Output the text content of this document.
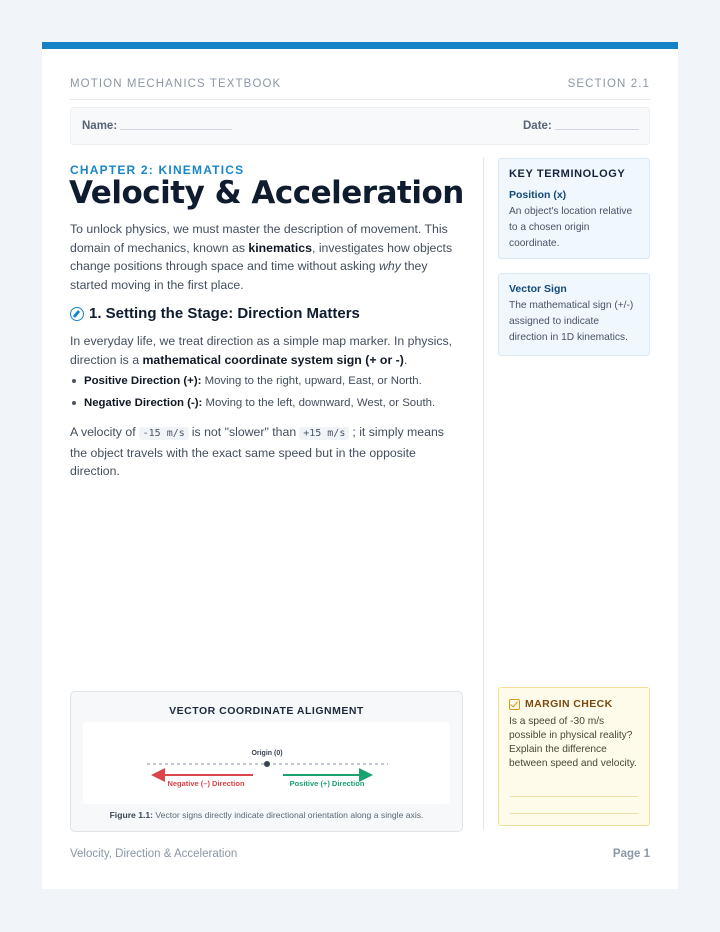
MOTION MECHANICS TEXTBOOK	SECTION 2.1
Name:	Date:
CHAPTER 2: KINEMATICS
Velocity & Acceleration

To unlock physics, we must master the description of movement. This domain of mechanics, known as kinematics, investigates how objects change positions through space and time without asking why they started moving in the first place.

1. Setting the Stage: Direction Matters

In everyday life, we treat direction as a simple map marker. In physics, direction is a mathematical coordinate system sign (+ or -).

Positive Direction (+): Moving to the right, upward, East, or North.
Negative Direction (-): Moving to the left, downward, West, or South.

A velocity of -15 m/s is not "slower" than +15 m/s ; it simply means the object travels with the exact same speed but in the opposite direction.

KEY TERMINOLOGY
Position (x)
An object's location relative to a chosen origin coordinate.
Vector Sign
The mathematical sign (+/-) assigned to indicate direction in 1D kinematics.
MARGIN CHECK
Is a speed of -30 m/s possible in physical reality? Explain the difference between speed and velocity.
VECTOR COORDINATE ALIGNMENT
Origin (0)
Negative (–) Direction	Positive (+) Direction
Figure 1.1: Vector signs directly indicate directional orientation along a single axis.
Velocity, Direction & Acceleration	Page 1
